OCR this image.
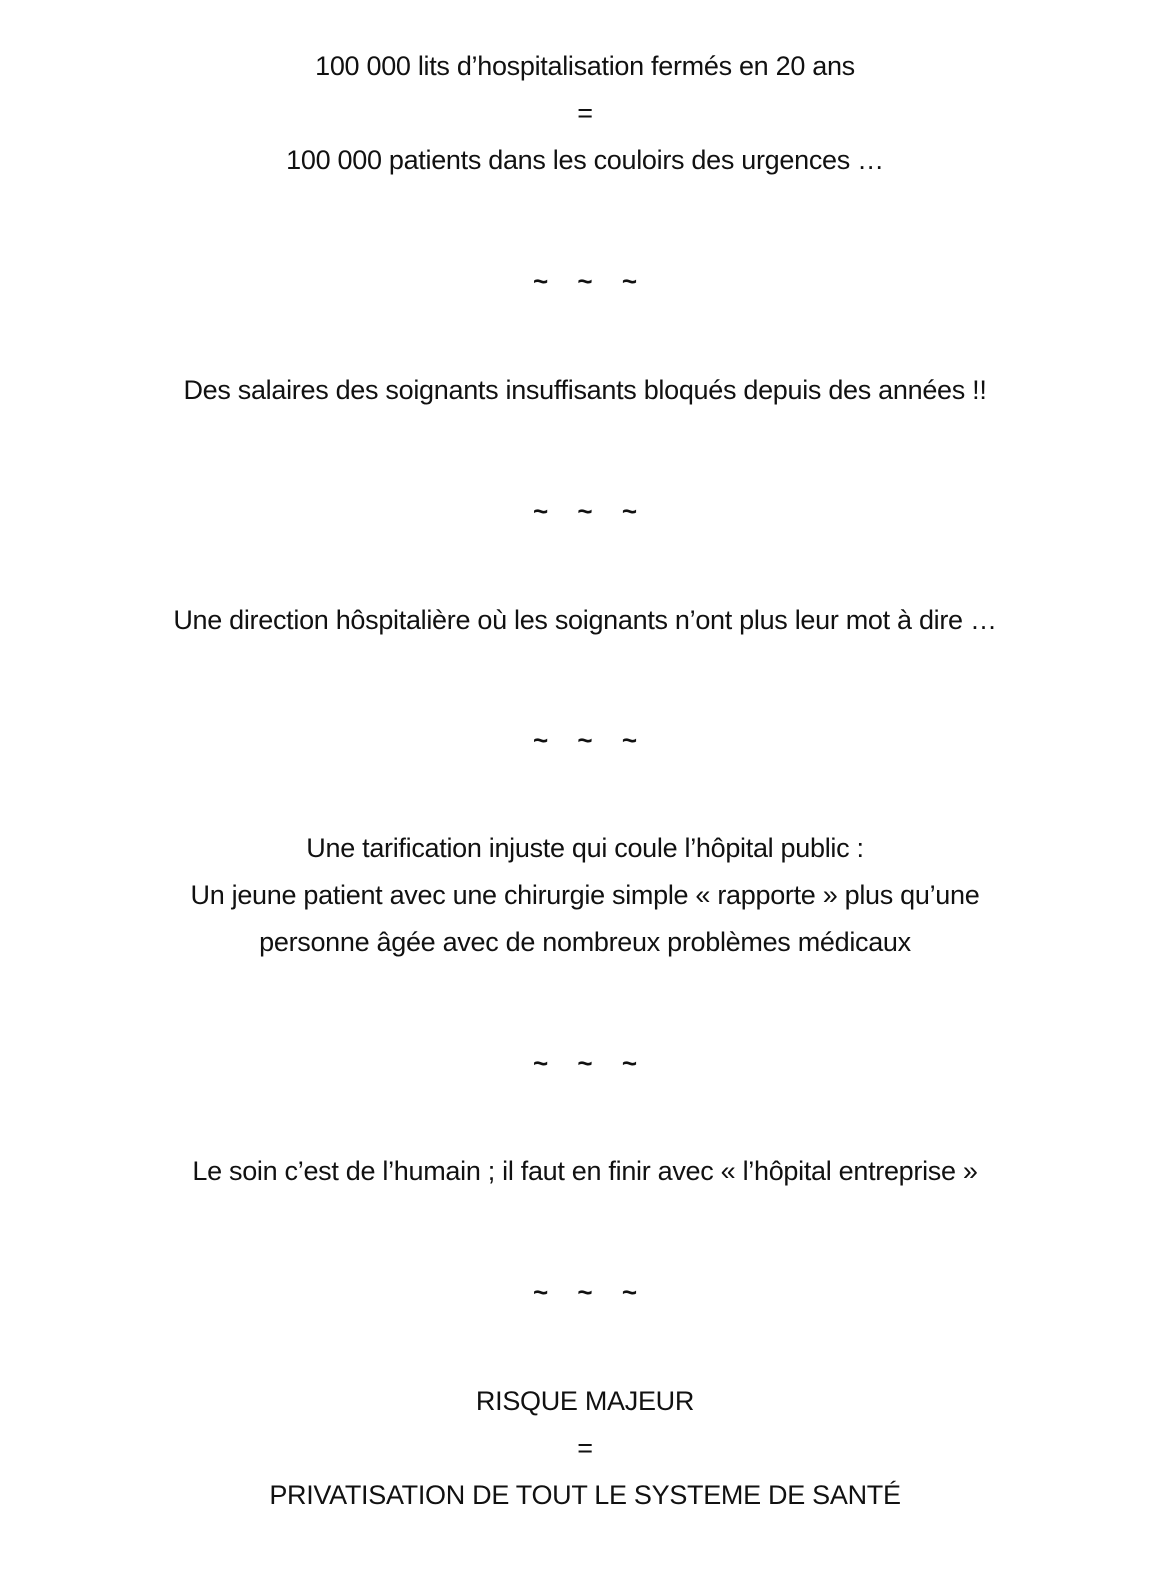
100 000 lits d’hospitalisation fermés en 20 ans
=
100 000 patients dans les couloirs des urgences …
~ ~ ~
Des salaires des soignants insuffisants bloqués depuis des années !!
~ ~ ~
Une direction hôspitalière où les soignants n’ont plus leur mot à dire …
~ ~ ~
Une tarification injuste qui coule l’hôpital public :
Un jeune patient avec une chirurgie simple « rapporte » plus qu’une
personne âgée avec de nombreux problèmes médicaux
~ ~ ~
Le soin c’est de l’humain ; il faut en finir avec « l’hôpital entreprise »
~ ~ ~
RISQUE MAJEUR
=
PRIVATISATION DE TOUT LE SYSTEME DE SANTÉ
